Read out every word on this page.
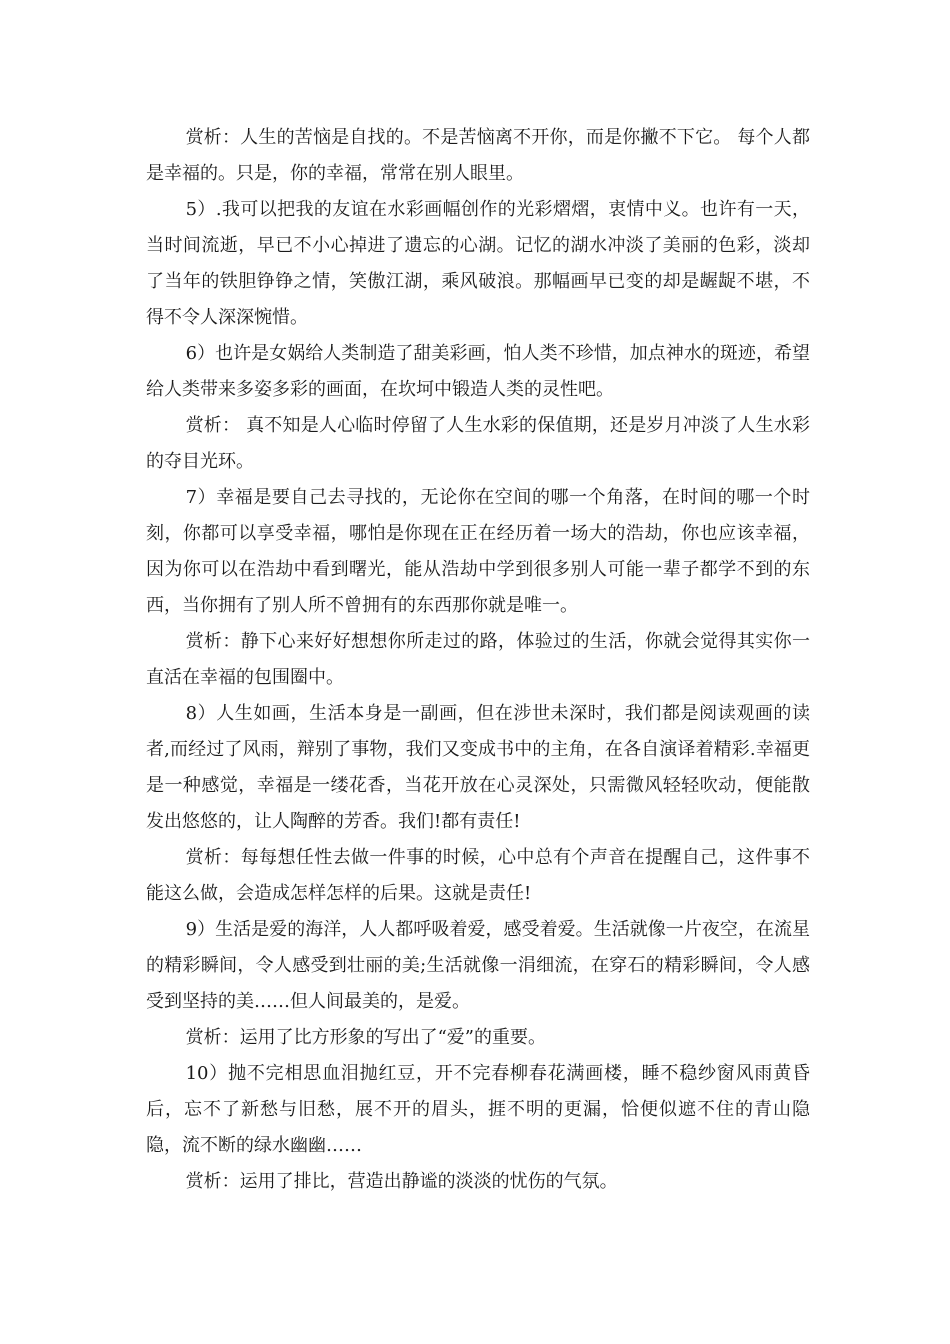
赏析：人生的苦恼是自找的。不是苦恼离不开你，而是你撇不下它。 每个人都是幸福的。只是，你的幸福，常常在别人眼里。

5）.我可以把我的友谊在水彩画幅创作的光彩熠熠，衷情中义。也许有一天，当时间流逝，早已不小心掉进了遗忘的心湖。记忆的湖水冲淡了美丽的色彩，淡却了当年的铁胆铮铮之情，笑傲江湖，乘风破浪。那幅画早已变的却是龌龊不堪，不得不令人深深惋惜。

6）也许是女娲给人类制造了甜美彩画，怕人类不珍惜，加点神水的斑迹，希望给人类带来多姿多彩的画面，在坎坷中锻造人类的灵性吧。

赏析： 真不知是人心临时停留了人生水彩的保值期，还是岁月冲淡了人生水彩的夺目光环。

7）幸福是要自己去寻找的，无论你在空间的哪一个角落，在时间的哪一个时刻，你都可以享受幸福，哪怕是你现在正在经历着一场大的浩劫，你也应该幸福，因为你可以在浩劫中看到曙光，能从浩劫中学到很多别人可能一辈子都学不到的东西，当你拥有了别人所不曾拥有的东西那你就是唯一。

赏析：静下心来好好想想你所走过的路，体验过的生活，你就会觉得其实你一直活在幸福的包围圈中。

8）人生如画，生活本身是一副画，但在涉世未深时，我们都是阅读观画的读者,而经过了风雨，辩别了事物，我们又变成书中的主角，在各自演译着精彩.幸福更是一种感觉，幸福是一缕花香，当花开放在心灵深处，只需微风轻轻吹动，便能散发出悠悠的，让人陶醉的芳香。我们!都有责任!

赏析：每每想任性去做一件事的时候，心中总有个声音在提醒自己，这件事不能这么做，会造成怎样怎样的后果。这就是责任!

9）生活是爱的海洋，人人都呼吸着爱，感受着爱。生活就像一片夜空，在流星的精彩瞬间，令人感受到壮丽的美;生活就像一涓细流，在穿石的精彩瞬间，令人感受到坚持的美……但人间最美的，是爱。

赏析：运用了比方形象的写出了“爱”的重要。

10）抛不完相思血泪抛红豆，开不完春柳春花满画楼，睡不稳纱窗风雨黄昏后，忘不了新愁与旧愁，展不开的眉头，捱不明的更漏，恰便似遮不住的青山隐隐，流不断的绿水幽幽……

赏析：运用了排比，营造出静谧的淡淡的忧伤的气氛。
